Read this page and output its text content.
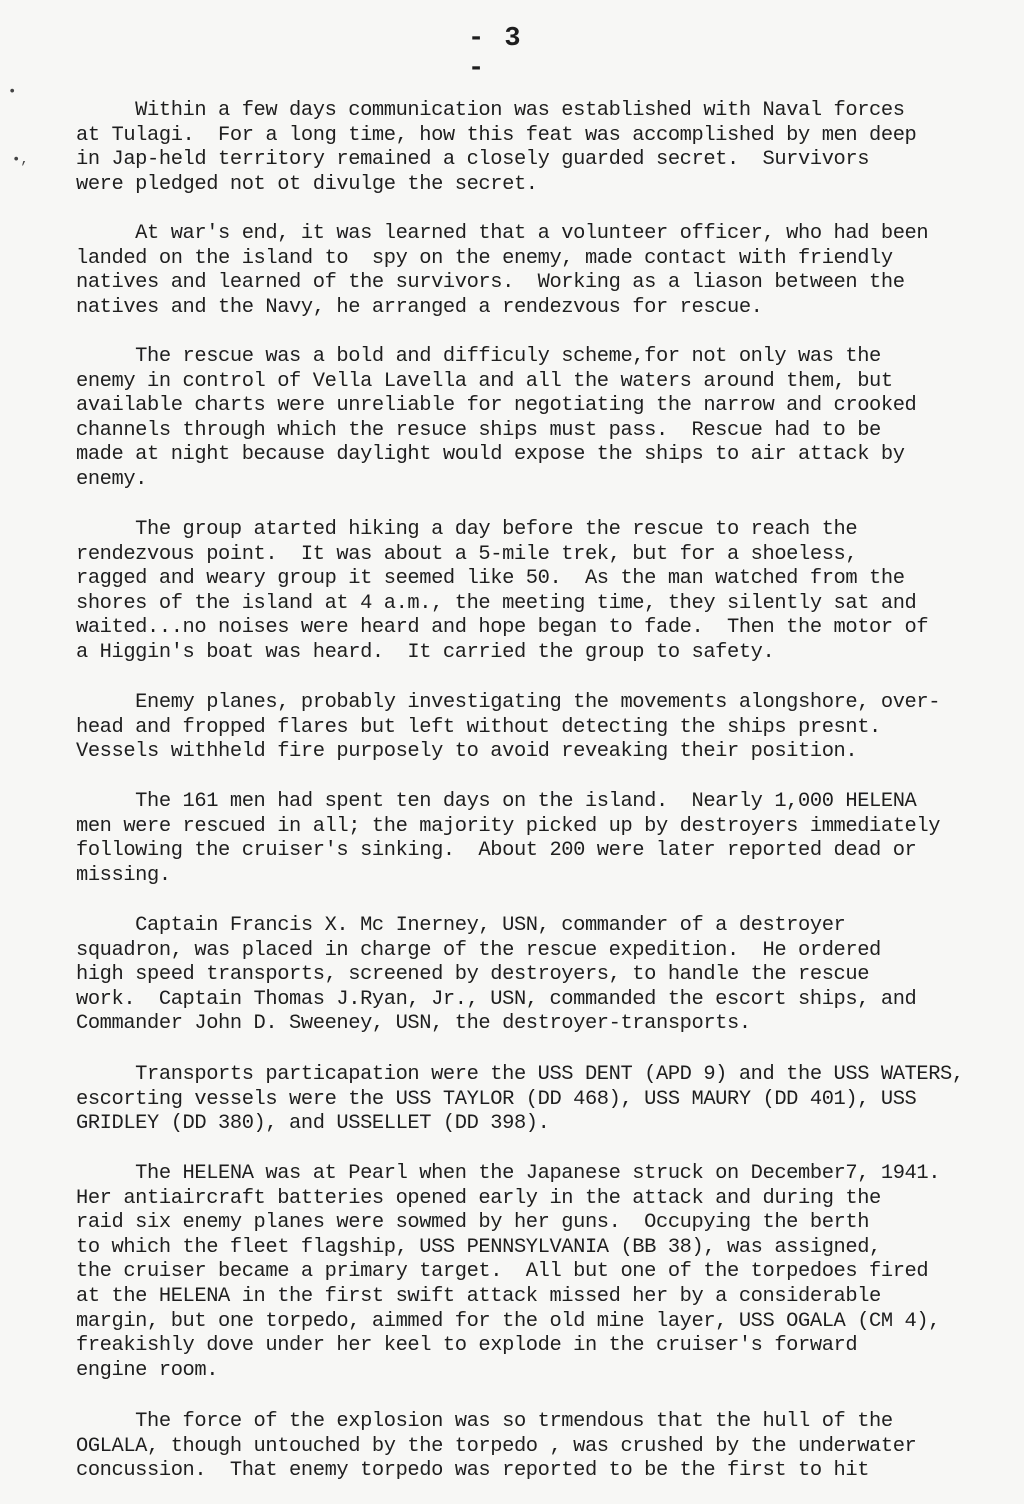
•
•,
- 3 -

Within a few days communication was established with Naval forces
at Tulagi.  For a long time, how this feat was accomplished by men deep
in Jap-held territory remained a closely guarded secret.  Survivors
were pledged not ot divulge the secret.

At war's end, it was learned that a volunteer officer, who had been
landed on the island to  spy on the enemy, made contact with friendly
natives and learned of the survivors.  Working as a liason between the
natives and the Navy, he arranged a rendezvous for rescue.

The rescue was a bold and difficuly scheme,for not only was the
enemy in control of Vella Lavella and all the waters around them, but
available charts were unreliable for negotiating the narrow and crooked
channels through which the resuce ships must pass.  Rescue had to be
made at night because daylight would expose the ships to air attack by
enemy.

The group atarted hiking a day before the rescue to reach the
rendezvous point.  It was about a 5-mile trek, but for a shoeless,
ragged and weary group it seemed like 50.  As the man watched from the
shores of the island at 4 a.m., the meeting time, they silently sat and
waited...no noises were heard and hope began to fade.  Then the motor of
a Higgin's boat was heard.  It carried the group to safety.

Enemy planes, probably investigating the movements alongshore, over-
head and fropped flares but left without detecting the ships presnt.
Vessels withheld fire purposely to avoid reveaking their position.

The 161 men had spent ten days on the island.  Nearly 1,000 HELENA
men were rescued in all; the majority picked up by destroyers immediately
following the cruiser's sinking.  About 200 were later reported dead or
missing.

Captain Francis X. Mc Inerney, USN, commander of a destroyer
squadron, was placed in charge of the rescue expedition.  He ordered
high speed transports, screened by destroyers, to handle the rescue
work.  Captain Thomas J.Ryan, Jr., USN, commanded the escort ships, and
Commander John D. Sweeney, USN, the destroyer-transports.

Transports particapation were the USS DENT (APD 9) and the USS WATERS,
escorting vessels were the USS TAYLOR (DD 468), USS MAURY (DD 401), USS
GRIDLEY (DD 380), and USSELLET (DD 398).

The HELENA was at Pearl when the Japanese struck on December7, 1941.
Her antiaircraft batteries opened early in the attack and during the
raid six enemy planes were sowmed by her guns.  Occupying the berth
to which the fleet flagship, USS PENNSYLVANIA (BB 38), was assigned,
the cruiser became a primary target.  All but one of the torpedoes fired
at the HELENA in the first swift attack missed her by a considerable
margin, but one torpedo, aimmed for the old mine layer, USS OGALA (CM 4),
freakishly dove under her keel to explode in the cruiser's forward
engine room.

The force of the explosion was so trmendous that the hull of the
OGLALA, though untouched by the torpedo , was crushed by the underwater
concussion.  That enemy torpedo was reported to be the first to hit
